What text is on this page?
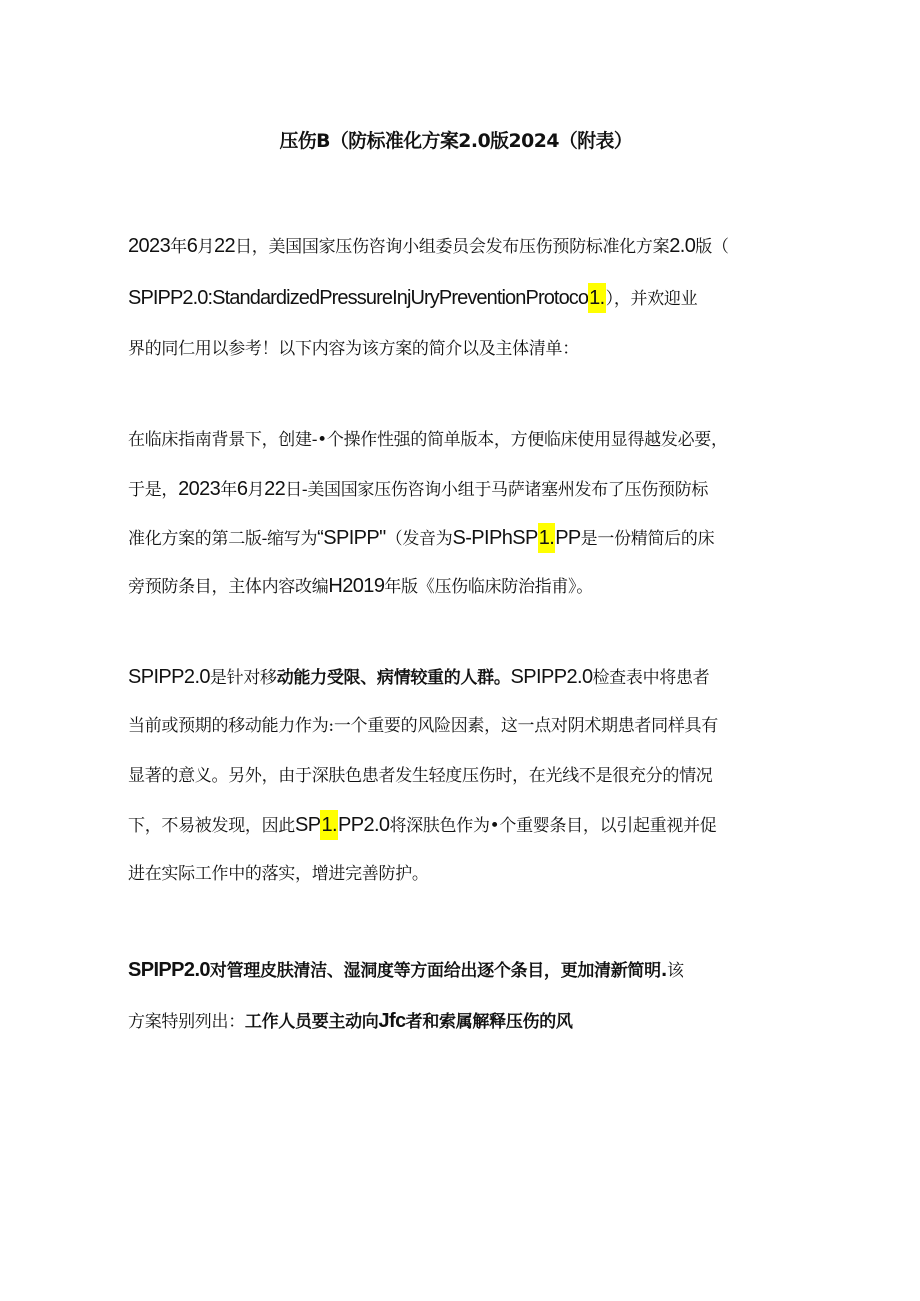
压伤B（防标准化方案2.0版2024（附表）
2023年6月22日，美国国家压伤咨询小组委员会发布压伤预防标准化方案2.0版（
SPIPP2.0:StandardizedPressureInjUryPreventionProtoco1.），并欢迎业
界的同仁用以参考！以下内容为该方案的简介以及主体清单：
在临床指南背景下，创建-•个操作性强的简单版本，方便临床使用显得越发必要，
于是，2023年6月22日-美国国家压伤咨询小组于马萨诸塞州发布了压伤预防标
准化方案的第二版-缩写为“SPIPP"（发音为S-PIPhSP1.PP是一份精简后的床
旁预防条目，主体内容改编H2019年版《压伤临床防治指甫》。
SPIPP2.0是针对移动能力受限、病情较重的人群。SPIPP2.0检查表中将患者
当前或预期的移动能力作为:一个重要的风险因素，这一点对阴术期患者同样具有
显著的意义。另外，由于深肤色患者发生轻度压伤时，在光线不是很充分的情况
下，不易被发现，因此SP1.PP2.0将深肤色作为•个重婴条目，以引起重视并促
进在实际工作中的落实，增进完善防护。
SPIPP2.0对管理皮肤清洁、湿洞度等方面给出逐个条目，更加清新简明.该
方案特别列出：工作人员要主动向Jfc者和索属解释压伤的风
